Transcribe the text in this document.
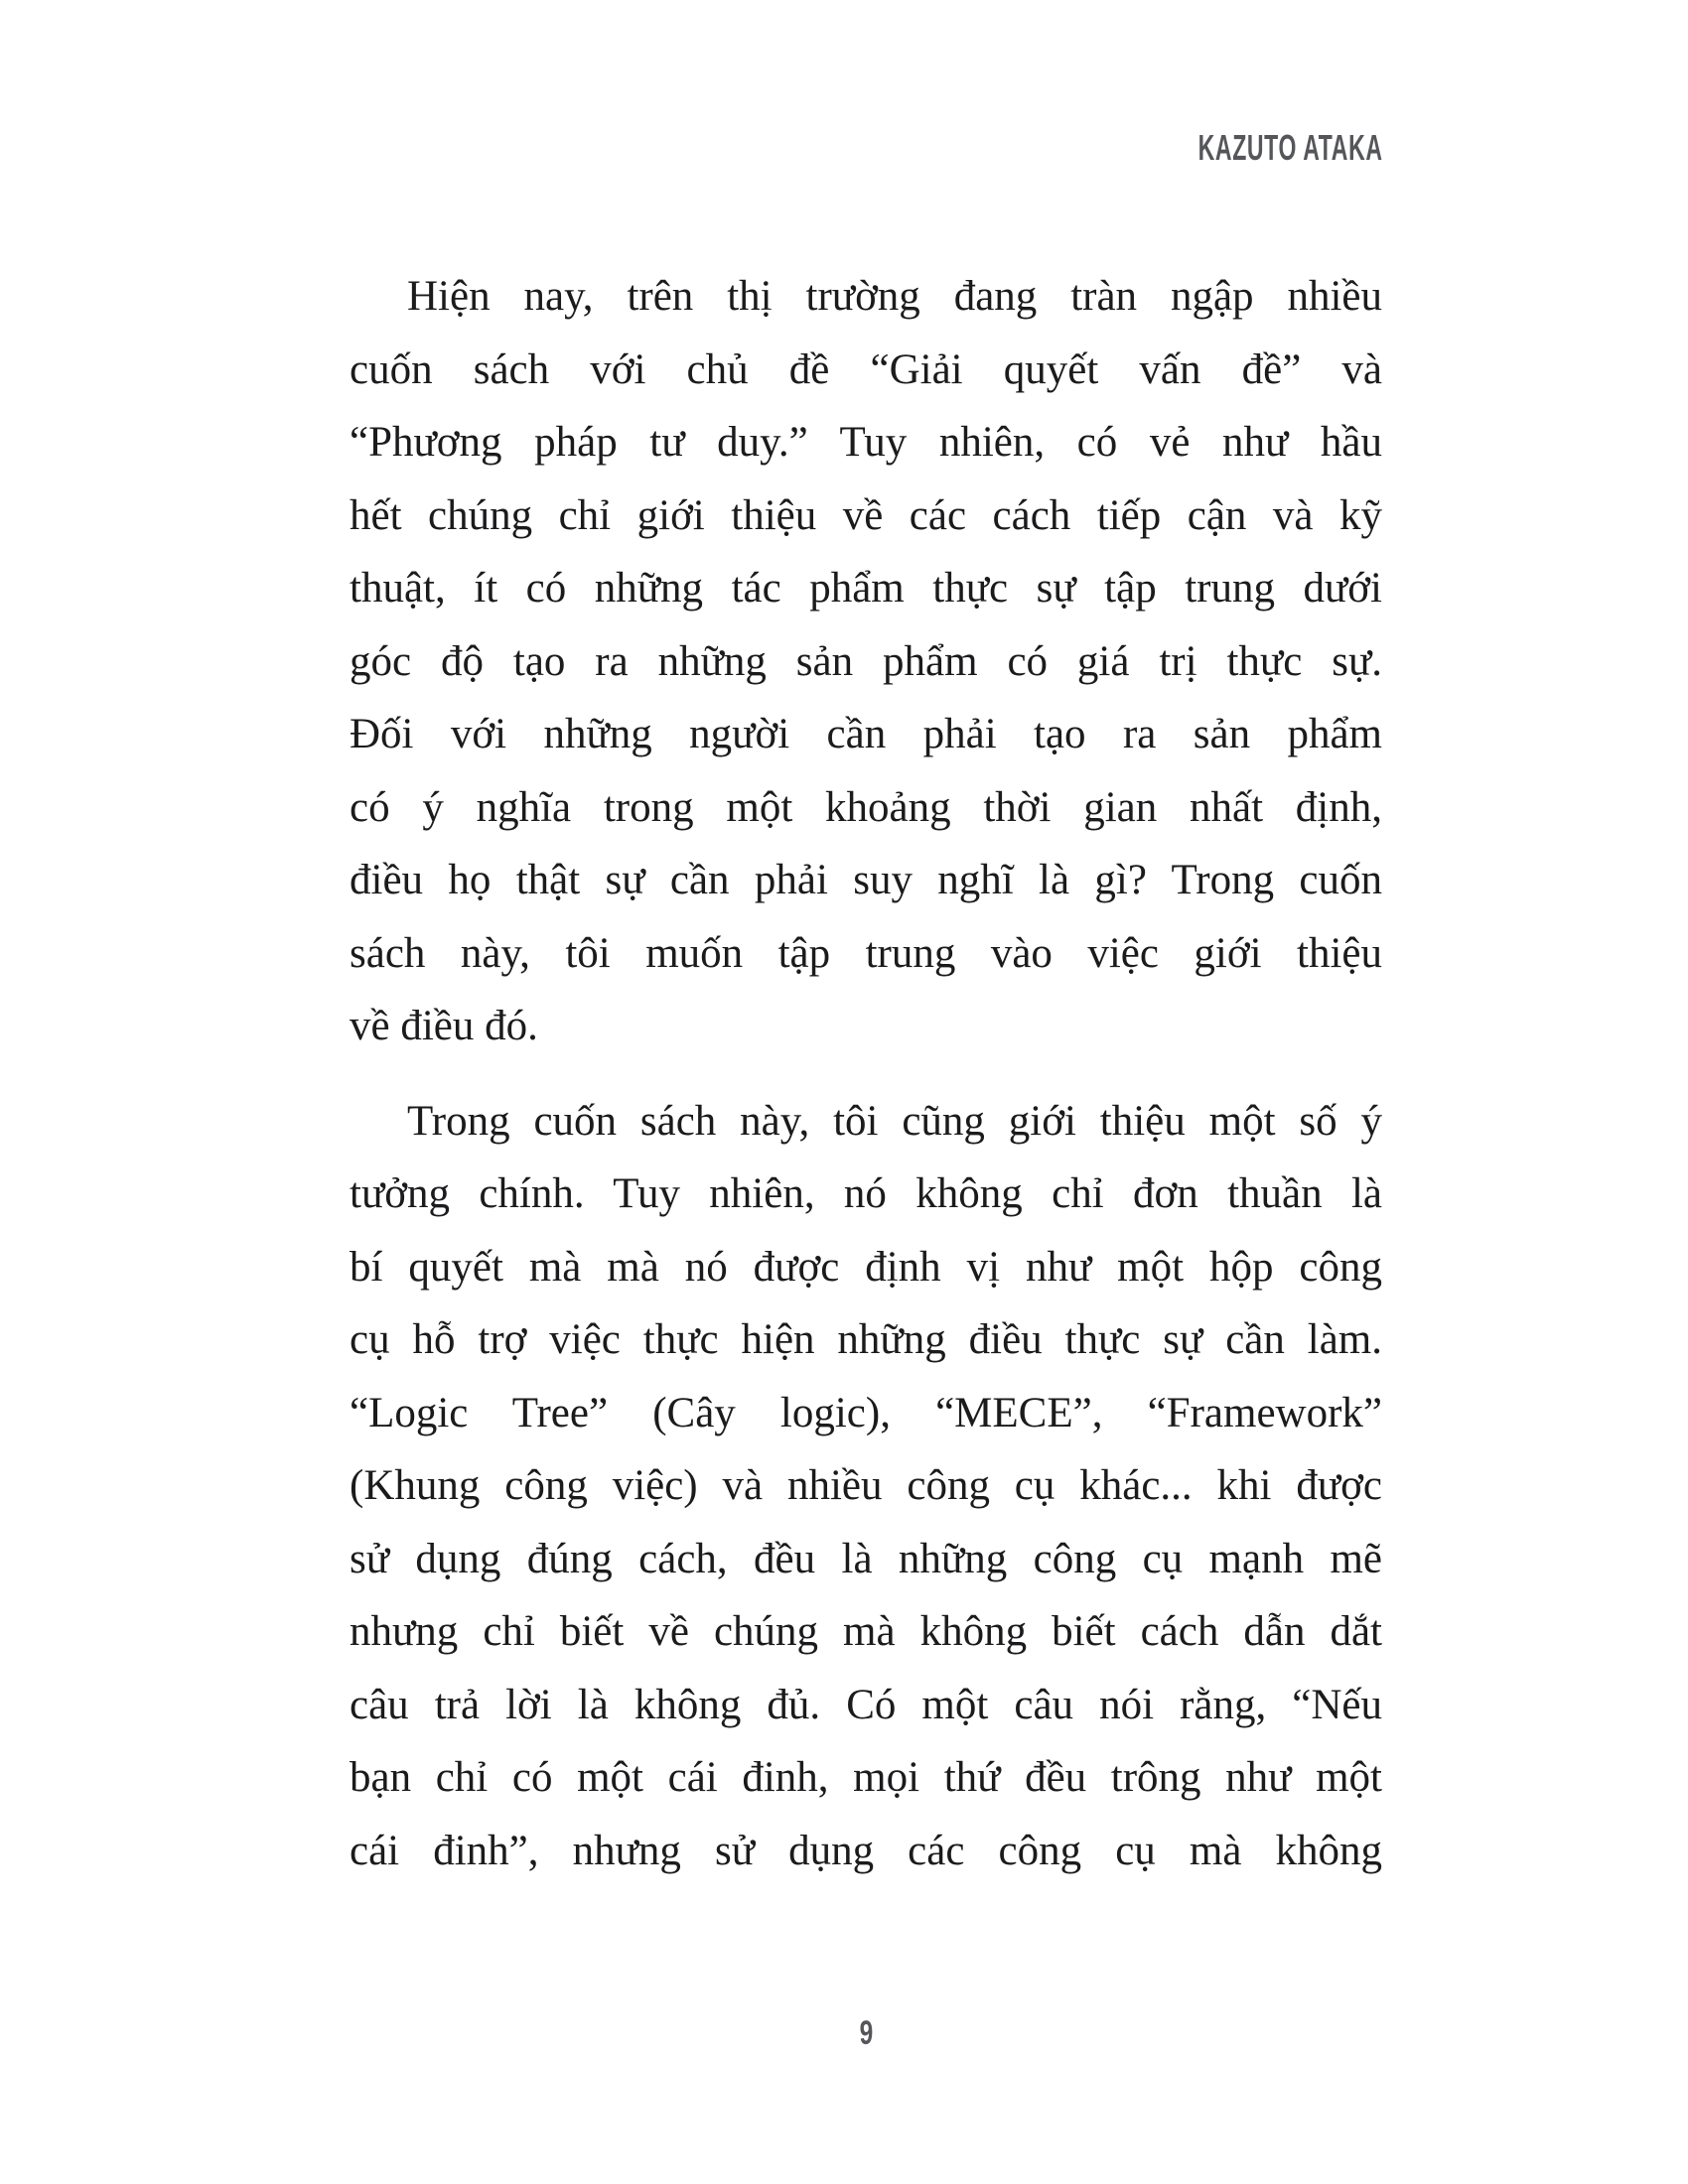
KAZUTO ATAKA
Hiện nay, trên thị trường đang tràn ngập nhiều
cuốn sách với chủ đề “Giải quyết vấn đề” và
“Phương pháp tư duy.” Tuy nhiên, có vẻ như hầu
hết chúng chỉ giới thiệu về các cách tiếp cận và kỹ
thuật, ít có những tác phẩm thực sự tập trung dưới
góc độ tạo ra những sản phẩm có giá trị thực sự.
Đối với những người cần phải tạo ra sản phẩm
có ý nghĩa trong một khoảng thời gian nhất định,
điều họ thật sự cần phải suy nghĩ là gì? Trong cuốn
sách này, tôi muốn tập trung vào việc giới thiệu
về điều đó.
Trong cuốn sách này, tôi cũng giới thiệu một số ý
tưởng chính. Tuy nhiên, nó không chỉ đơn thuần là
bí quyết mà mà nó được định vị như một hộp công
cụ hỗ trợ việc thực hiện những điều thực sự cần làm.
“Logic Tree” (Cây logic), “MECE”, “Framework”
(Khung công việc) và nhiều công cụ khác... khi được
sử dụng đúng cách, đều là những công cụ mạnh mẽ
nhưng chỉ biết về chúng mà không biết cách dẫn dắt
câu trả lời là không đủ. Có một câu nói rằng, “Nếu
bạn chỉ có một cái đinh, mọi thứ đều trông như một
cái đinh”, nhưng sử dụng các công cụ mà không
9
